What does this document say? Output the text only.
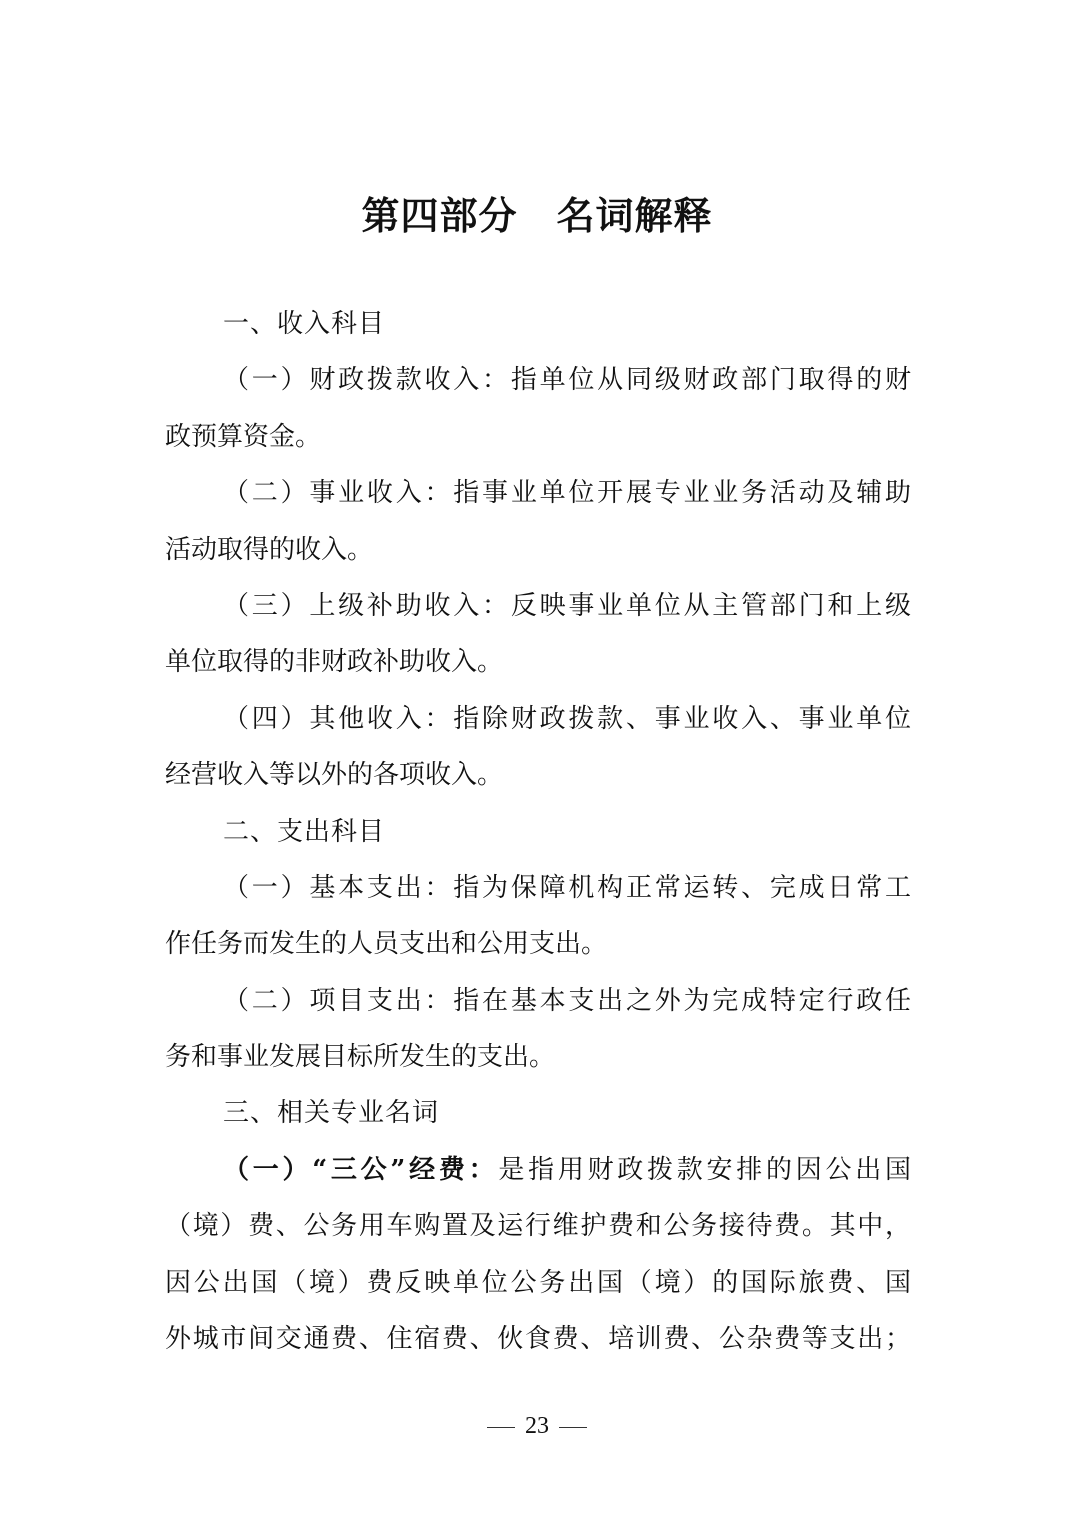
第四部分　名词解释

一、收入科目

（一）财政拨款收入：指单位从同级财政部门取得的财

政预算资金。

（二）事业收入：指事业单位开展专业业务活动及辅助

活动取得的收入。

（三）上级补助收入：反映事业单位从主管部门和上级

单位取得的非财政补助收入。

（四）其他收入：指除财政拨款、事业收入、事业单位

经营收入等以外的各项收入。

二、支出科目

（一）基本支出：指为保障机构正常运转、完成日常工

作任务而发生的人员支出和公用支出。

（二）项目支出：指在基本支出之外为完成特定行政任

务和事业发展目标所发生的支出。

三、相关专业名词

（一）“三公”经费：是指用财政拨款安排的因公出国

（境）费、公务用车购置及运行维护费和公务接待费。其中，

因公出国（境）费反映单位公务出国（境）的国际旅费、国

外城市间交通费、住宿费、伙食费、培训费、公杂费等支出；

23
